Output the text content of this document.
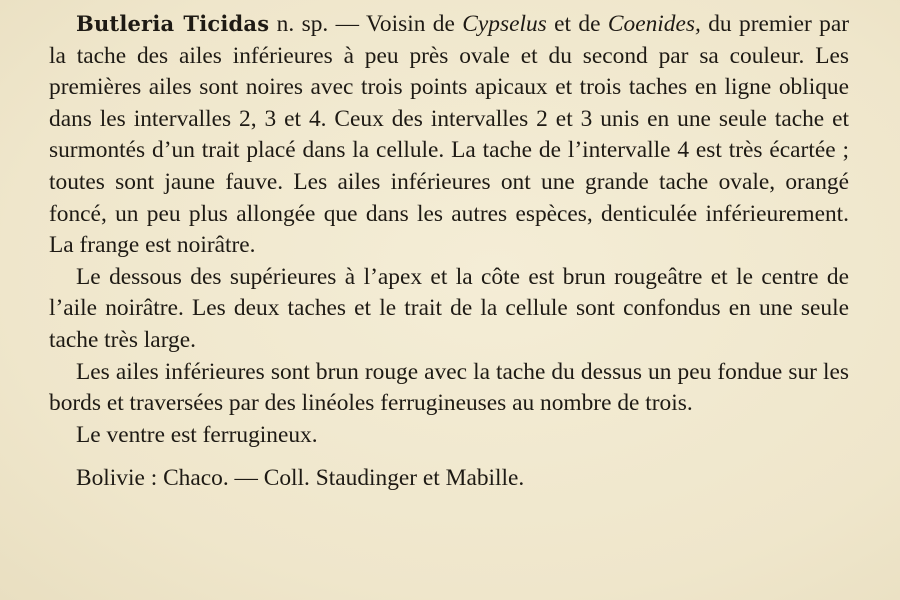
Butleria Ticidas n. sp. — Voisin de Cypselus et de Coenides, du premier par la tache des ailes inférieures à peu près ovale et du second par sa couleur. Les premières ailes sont noires avec trois points apicaux et trois taches en ligne oblique dans les intervalles 2, 3 et 4. Ceux des intervalles 2 et 3 unis en une seule tache et surmontés d’un trait placé dans la cellule. La tache de l’intervalle 4 est très écartée ; toutes sont jaune fauve. Les ailes inférieures ont une grande tache ovale, orangé foncé, un peu plus allongée que dans les autres espèces, denticulée inférieurement. La frange est noirâtre.

Le dessous des supérieures à l’apex et la côte est brun rougeâtre et le centre de l’aile noirâtre. Les deux taches et le trait de la cellule sont confondus en une seule tache très large.

Les ailes inférieures sont brun rouge avec la tache du dessus un peu fondue sur les bords et traversées par des linéoles ferrugineuses au nombre de trois.

Le ventre est ferrugineux.

Bolivie : Chaco. — Coll. Staudinger et Mabille.
